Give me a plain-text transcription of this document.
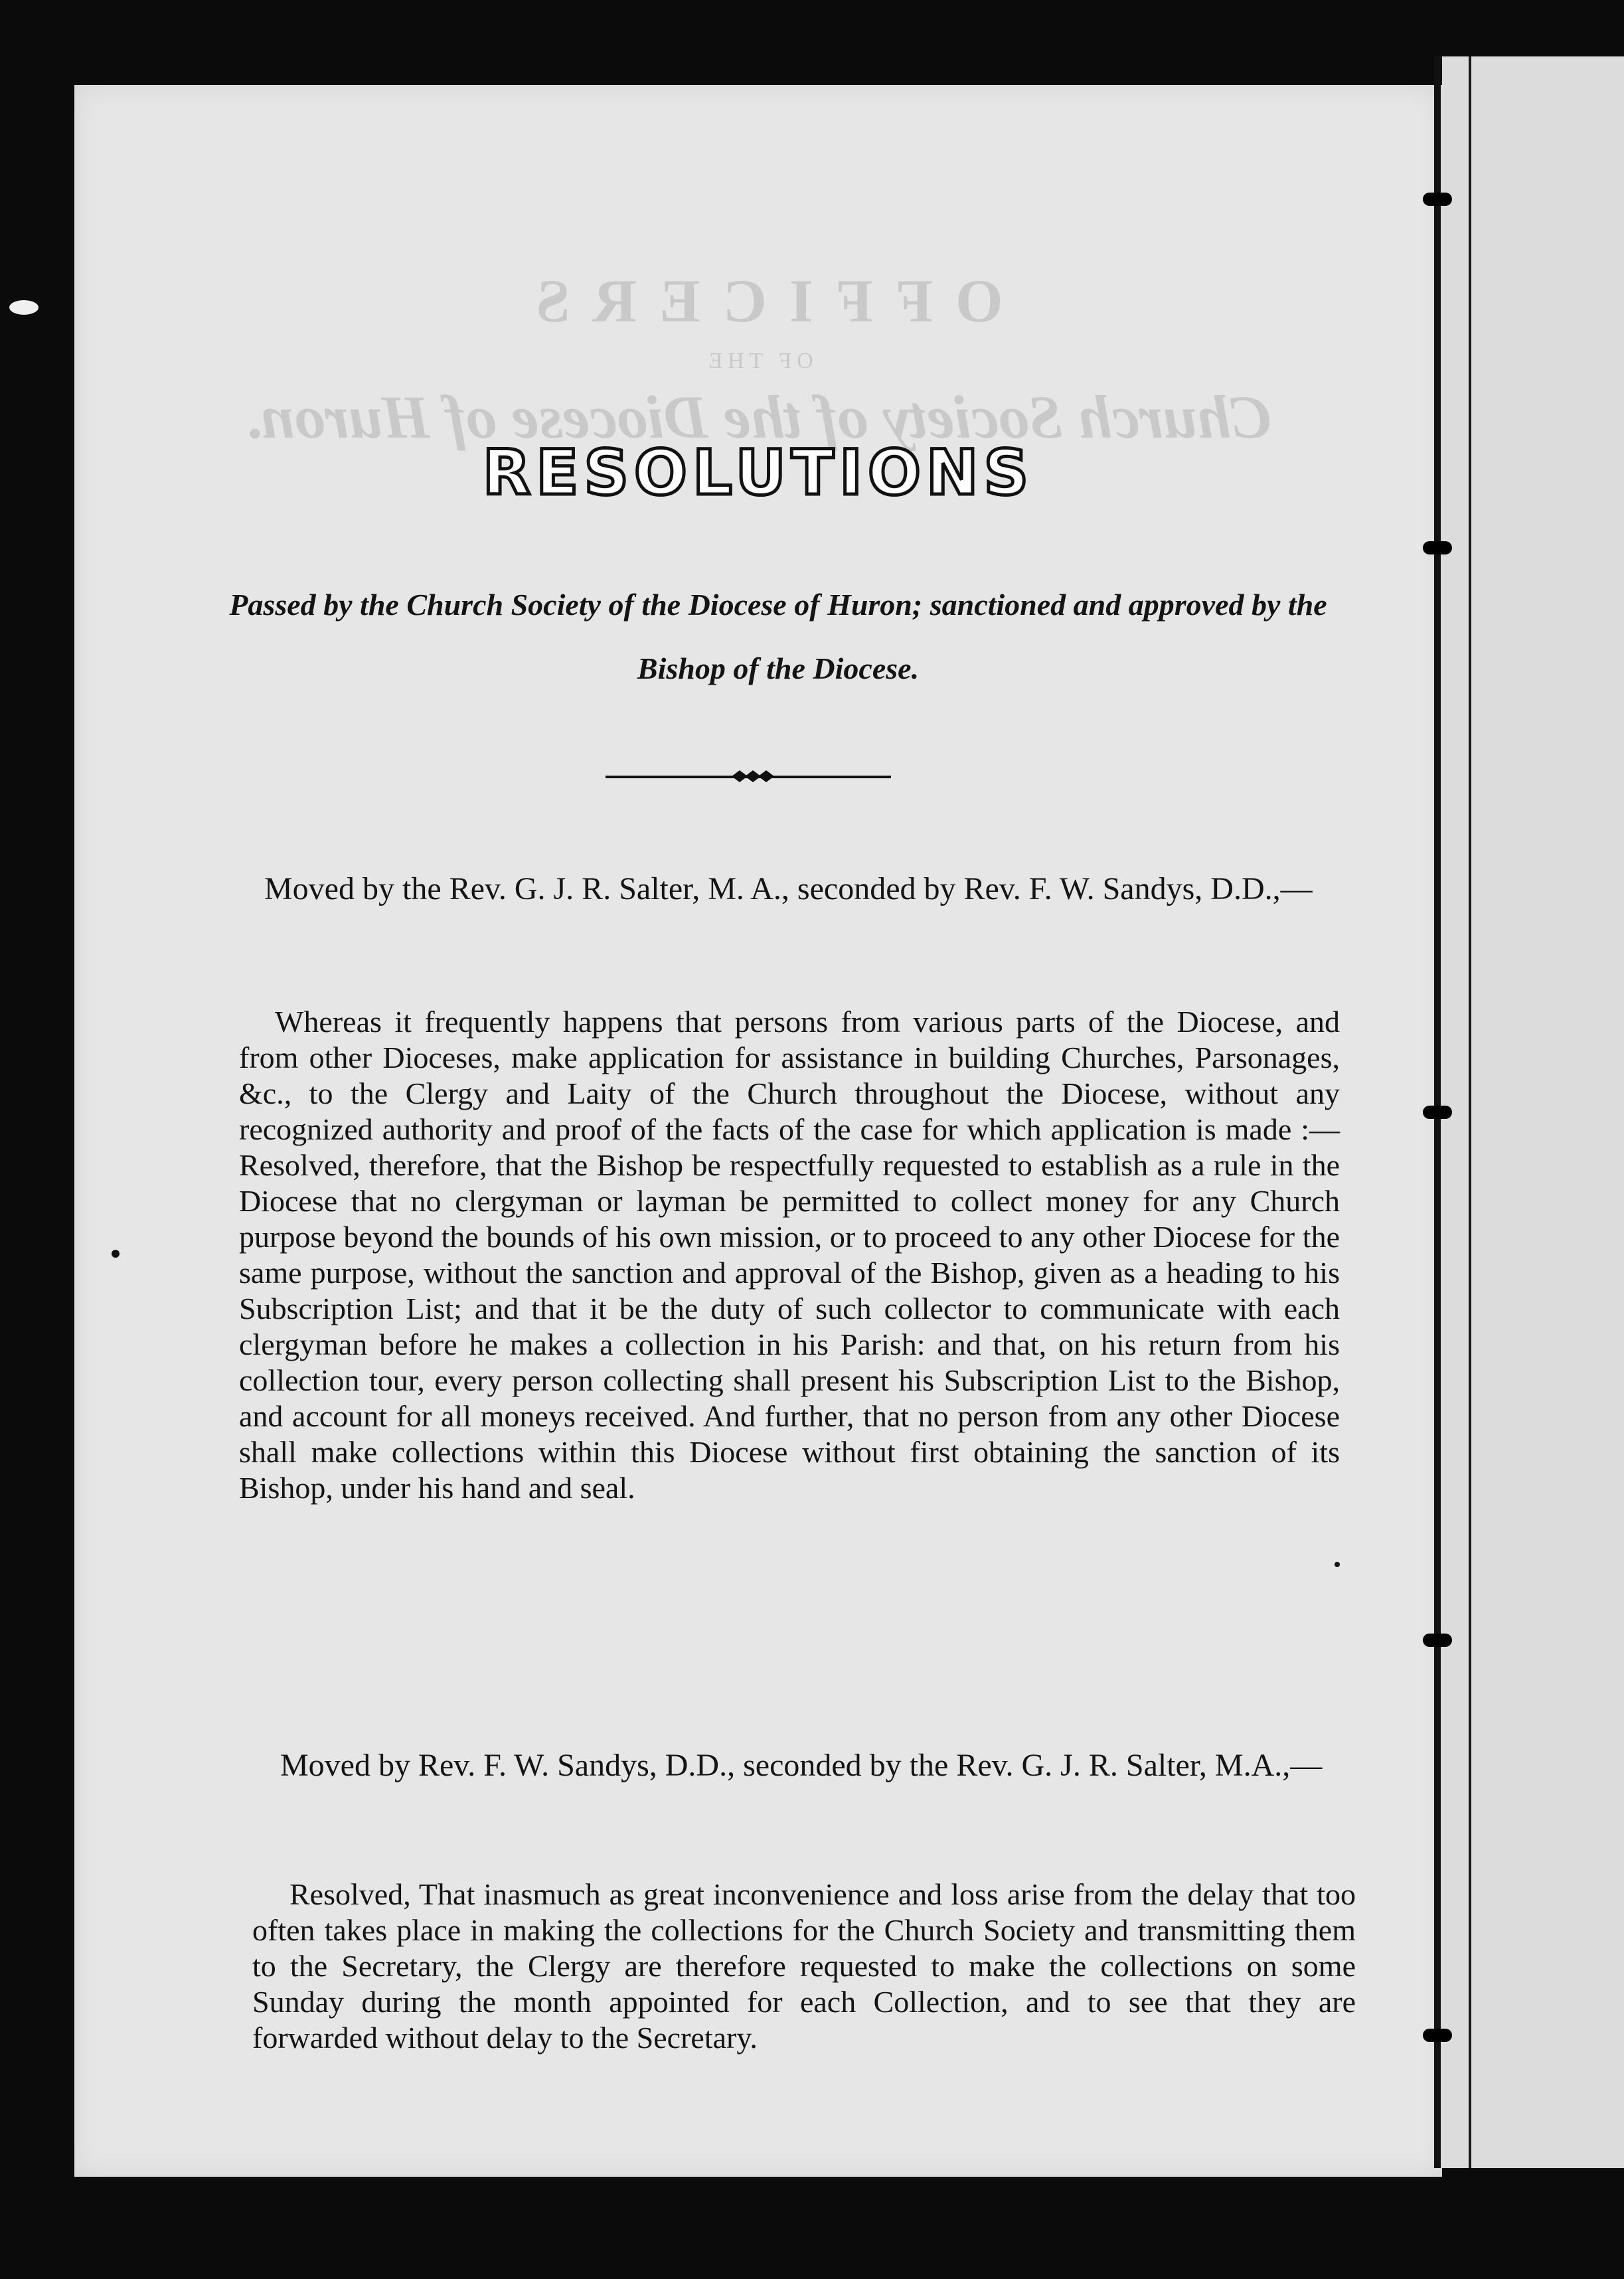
OFFICERS
OF THE
Church Society of the Diocese of Huron.
RESOLUTIONS
Passed by the Church Society of the Diocese of Huron; sanctioned and approved by the Bishop of the Diocese.
Moved by the Rev. G. J. R. Salter, M. A., seconded by Rev. F. W. Sandys, D.D.,—
Whereas it frequently happens that persons from various parts of the Diocese, and from other Dioceses, make application for assistance in building Churches, Parsonages, &c., to the Clergy and Laity of the Church throughout the Diocese, without any recognized authority and proof of the facts of the case for which application is made :—Resolved, therefore, that the Bishop be respectfully requested to establish as a rule in the Diocese that no clergyman or layman be permitted to collect money for any Church purpose beyond the bounds of his own mission, or to proceed to any other Diocese for the same purpose, without the sanction and approval of the Bishop, given as a heading to his Subscription List; and that it be the duty of such collector to communicate with each clergyman before he makes a collection in his Parish: and that, on his return from his collection tour, every person collecting shall present his Subscription List to the Bishop, and account for all moneys received. And further, that no person from any other Diocese shall make collections within this Diocese without first obtaining the sanction of its Bishop, under his hand and seal.
Moved by Rev. F. W. Sandys, D.D., seconded by the Rev. G. J. R. Salter, M.A.,—
Resolved, That inasmuch as great inconvenience and loss arise from the delay that too often takes place in making the collections for the Church Society and transmitting them to the Secretary, the Clergy are therefore requested to make the collections on some Sunday during the month appointed for each Collection, and to see that they are forwarded without delay to the Secretary.
